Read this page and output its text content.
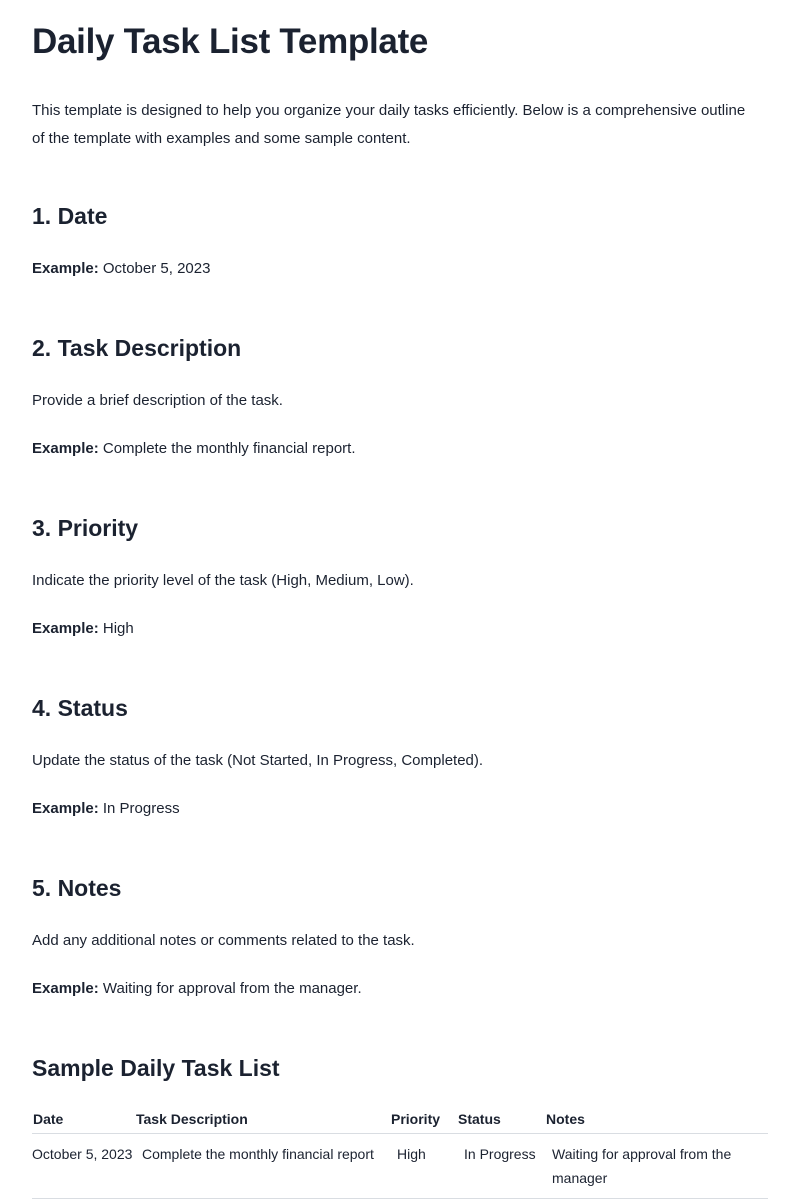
Daily Task List Template

This template is designed to help you organize your daily tasks efficiently. Below is a comprehensive outline of the template with examples and some sample content.

1. Date

Example: October 5, 2023

2. Task Description

Provide a brief description of the task.

Example: Complete the monthly financial report.

3. Priority

Indicate the priority level of the task (High, Medium, Low).

Example: High

4. Status

Update the status of the task (Not Started, In Progress, Completed).

Example: In Progress

5. Notes

Add any additional notes or comments related to the task.

Example: Waiting for approval from the manager.

Sample Daily Task List
Date	Task Description	Priority	Status	Notes
October 5, 2023	Complete the monthly financial report	High	In Progress	Waiting for approval from the manager
